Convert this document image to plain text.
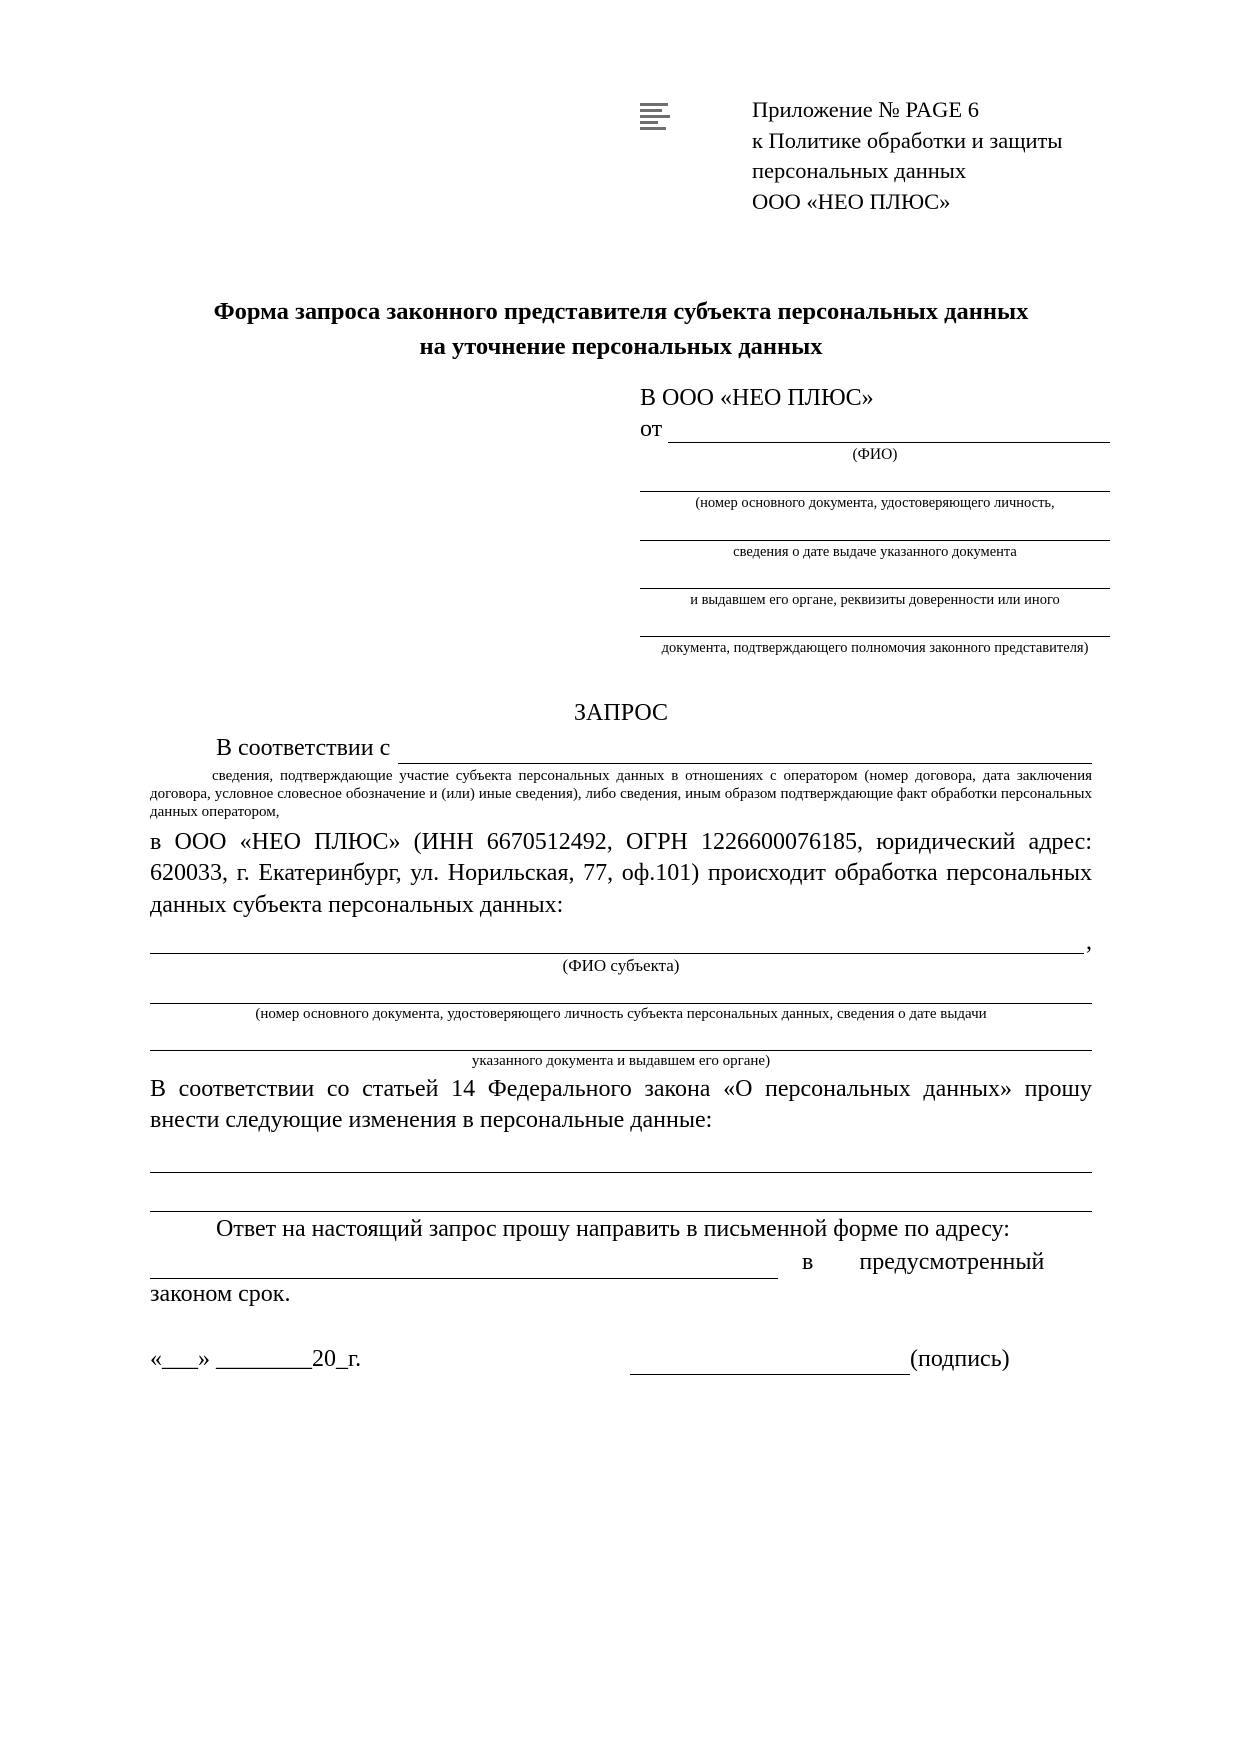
Приложение № PAGE 6
к Политике обработки и защиты
персональных данных
ООО «НЕО ПЛЮС»
Форма запроса законного представителя субъекта персональных данных
на уточнение персональных данных
В ООО «НЕО ПЛЮС»
от
(ФИО)
(номер основного документа, удостоверяющего личность,
сведения о дате выдаче указанного документа
и выдавшем его органе, реквизиты доверенности или иного
документа, подтверждающего полномочия законного представителя)
ЗАПРОС
В соответствии с
сведения, подтверждающие участие субъекта персональных данных в отношениях с оператором (номер договора, дата заключения договора, условное словесное обозначение и (или) иные сведения), либо сведения, иным образом подтверждающие факт обработки персональных данных оператором,
в ООО «НЕО ПЛЮС» (ИНН 6670512492, ОГРН 1226600076185, юридический адрес: 620033, г. Екатеринбург, ул. Норильская, 77, оф.101) происходит обработка персональных данных субъекта персональных данных:
,
(ФИО субъекта)
(номер основного документа, удостоверяющего личность субъекта персональных данных, сведения о дате выдачи
указанного документа и выдавшем его органе)
В соответствии со статьей 14 Федерального закона «О персональных данных» прошу внести следующие изменения в персональные данные:
Ответ на настоящий запрос прошу направить в письменной форме по адресу:
в	предусмотренный
законом срок.
«___» ________20_г.	(подпись)
